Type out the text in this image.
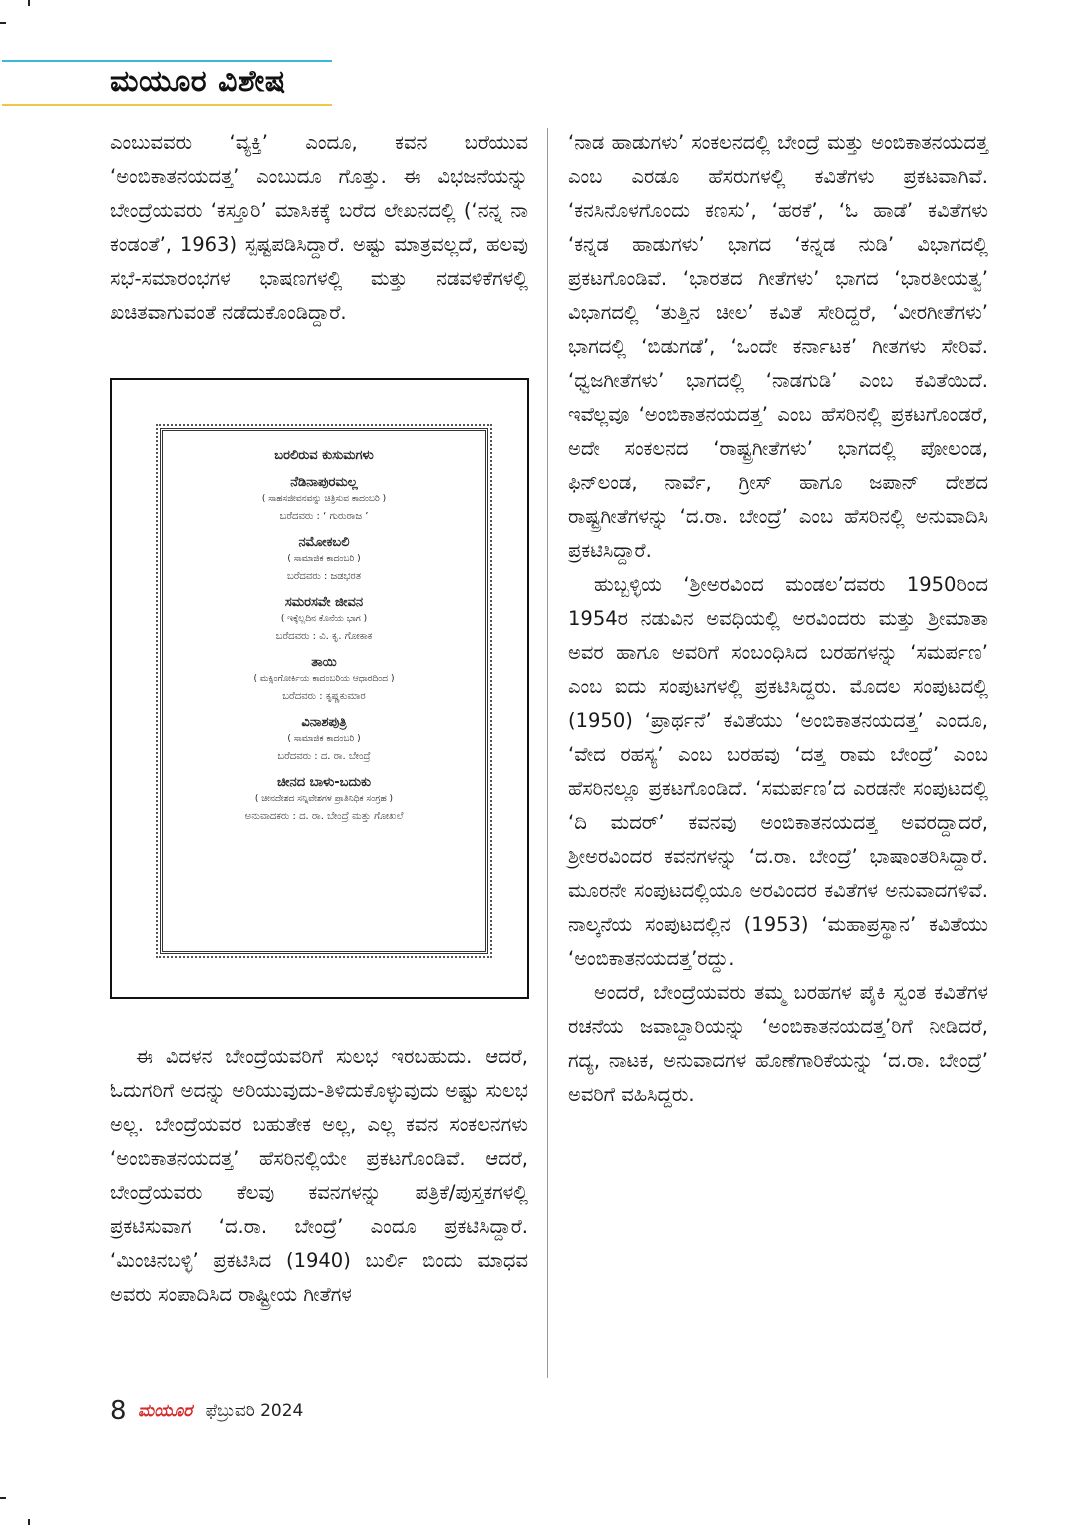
ಮಯೂರ ವಿಶೇಷ

ಎಂಬುವವರು ‘ವ್ಯಕ್ತಿ’ ಎಂದೂ, ಕವನ ಬರೆಯುವ ‘ಅಂಬಿಕಾತನಯದತ್ತ’ ಎಂಬುದೂ ಗೊತ್ತು. ಈ ವಿಭಜನೆಯನ್ನು ಬೇಂದ್ರೆಯವರು ‘ಕಸ್ತೂರಿ’ ಮಾಸಿಕಕ್ಕೆ ಬರೆದ ಲೇಖನದಲ್ಲಿ (‘ನನ್ನ ನಾ ಕಂಡಂತೆ’, 1963) ಸ್ಪಷ್ಟಪಡಿಸಿದ್ದಾರೆ. ಅಷ್ಟು ಮಾತ್ರವಲ್ಲದೆ, ಹಲವು ಸಭೆ-ಸಮಾರಂಭಗಳ ಭಾಷಣಗಳಲ್ಲಿ ಮತ್ತು ನಡವಳಿಕೆಗಳಲ್ಲಿ ಖಚಿತವಾಗುವಂತೆ ನಡೆದುಕೊಂಡಿದ್ದಾರೆ.

ಬರಲಿರುವ ಕುಸುಮಗಳು
ನೆಡಿನಾಪುರಮಲ್ಲ
( ಸಾಹಸಜೀವನವನ್ನು ಚಿತ್ರಿಸುವ ಕಾದಂಬರಿ )
ಬರೆದವರು : ‘ ಗುರುರಾಜ ’
ನಮೋಕಬಲಿ
( ಸಾಮಾಜಿಕ ಕಾದಂಬರಿ )
ಬರೆದವರು : ಜಡಭರತ
ಸಮರಸವೇ ಜೀವನ
( ಇಕ್ಕೆಲ್ಲದಿನ ಕೊನೆಯ ಭಾಗ )
ಬರೆದವರು : ವಿ. ಕೃ. ಗೋಕಾಕ
ತಾಯಿ
( ಮಕ್ಸಿಂಗೋರ್ಕಿಯ ಕಾದಂಬರಿಯ ಆಧಾರದಿಂದ )
ಬರೆದವರು : ಕೃಷ್ಣಕುಮಾರ
ವಿನಾಶಪುತ್ರಿ
( ಸಾಮಾಜಿಕ ಕಾದಂಬರಿ )
ಬರೆದವರು : ದ. ರಾ. ಬೇಂದ್ರೆ
ಚೀನದ ಬಾಳು-ಬದುಕು
( ಚೀನದೇಶದ ಸನ್ನಿವೇಶಗಳ ಪ್ರಾತಿನಿಧಿಕ ಸಂಗ್ರಹ )
ಅನುವಾದಕರು : ದ. ರಾ. ಬೇಂದ್ರೆ ಮತ್ತು ಗೋಖಲೆ

ಈ ವಿದಳನ ಬೇಂದ್ರೆಯವರಿಗೆ ಸುಲಭ ಇರಬಹುದು. ಆದರೆ, ಓದುಗರಿಗೆ ಅದನ್ನು ಅರಿಯುವುದು-ತಿಳಿದುಕೊಳ್ಳುವುದು ಅಷ್ಟು ಸುಲಭ ಅಲ್ಲ. ಬೇಂದ್ರೆಯವರ ಬಹುತೇಕ ಅಲ್ಲ, ಎಲ್ಲ ಕವನ ಸಂಕಲನಗಳು ‘ಅಂಬಿಕಾತನಯದತ್ತ’ ಹೆಸರಿನಲ್ಲಿಯೇ ಪ್ರಕಟಗೊಂಡಿವೆ. ಆದರೆ, ಬೇಂದ್ರೆಯವರು ಕೆಲವು ಕವನಗಳನ್ನು ಪತ್ರಿಕೆ/ಪುಸ್ತಕಗಳಲ್ಲಿ ಪ್ರಕಟಿಸುವಾಗ ‘ದ.ರಾ. ಬೇಂದ್ರೆ’ ಎಂದೂ ಪ್ರಕಟಿಸಿದ್ದಾರೆ. ‘ಮಿಂಚಿನಬಳ್ಳಿ’ ಪ್ರಕಟಿಸಿದ (1940) ಬುರ್ಲಿ ಬಿಂದು ಮಾಧವ ಅವರು ಸಂಪಾದಿಸಿದ ರಾಷ್ಟ್ರೀಯ ಗೀತೆಗಳ

‘ನಾಡ ಹಾಡುಗಳು’ ಸಂಕಲನದಲ್ಲಿ ಬೇಂದ್ರೆ ಮತ್ತು ಅಂಬಿಕಾತನಯದತ್ತ ಎಂಬ ಎರಡೂ ಹೆಸರುಗಳಲ್ಲಿ ಕವಿತೆಗಳು ಪ್ರಕಟವಾಗಿವೆ. ‘ಕನಸಿನೊಳಗೊಂದು ಕಣಸು’, ‘ಹರಕೆ’, ‘ಓ ಹಾಡೆ’ ಕವಿತೆಗಳು ‘ಕನ್ನಡ ಹಾಡುಗಳು’ ಭಾಗದ ‘ಕನ್ನಡ ನುಡಿ’ ವಿಭಾಗದಲ್ಲಿ ಪ್ರಕಟಗೊಂಡಿವೆ. ‘ಭಾರತದ ಗೀತೆಗಳು’ ಭಾಗದ ‘ಭಾರತೀಯತ್ವ’ ವಿಭಾಗದಲ್ಲಿ ‘ತುತ್ತಿನ ಚೀಲ’ ಕವಿತೆ ಸೇರಿದ್ದರೆ, ‘ವೀರಗೀತೆಗಳು’ ಭಾಗದಲ್ಲಿ ‘ಬಿಡುಗಡೆ’, ‘ಒಂದೇ ಕರ್ನಾಟಕ’ ಗೀತಗಳು ಸೇರಿವೆ. ‘ಧ್ವಜಗೀತೆಗಳು’ ಭಾಗದಲ್ಲಿ ‘ನಾಡಗುಡಿ’ ಎಂಬ ಕವಿತೆಯಿದೆ. ಇವೆಲ್ಲವೂ ‘ಅಂಬಿಕಾತನಯದತ್ತ’ ಎಂಬ ಹೆಸರಿನಲ್ಲಿ ಪ್ರಕಟಗೊಂಡರೆ, ಅದೇ ಸಂಕಲನದ ‘ರಾಷ್ಟ್ರಗೀತೆಗಳು’ ಭಾಗದಲ್ಲಿ ಪೋಲಂಡ, ಫಿನ್‌ಲಂಡ, ನಾರ್ವೆ, ಗ್ರೀಸ್ ಹಾಗೂ ಜಪಾನ್ ದೇಶದ ರಾಷ್ಟ್ರಗೀತೆಗಳನ್ನು ‘ದ.ರಾ. ಬೇಂದ್ರೆ’ ಎಂಬ ಹೆಸರಿನಲ್ಲಿ ಅನುವಾದಿಸಿ ಪ್ರಕಟಿಸಿದ್ದಾರೆ.

ಹುಬ್ಬಳ್ಳಿಯ ‘ಶ್ರೀಅರವಿಂದ ಮಂಡಲ’ದವರು 1950ರಿಂದ 1954ರ ನಡುವಿನ ಅವಧಿಯಲ್ಲಿ ಅರವಿಂದರು ಮತ್ತು ಶ್ರೀಮಾತಾ ಅವರ ಹಾಗೂ ಅವರಿಗೆ ಸಂಬಂಧಿಸಿದ ಬರಹಗಳನ್ನು ‘ಸಮರ್ಪಣ’ ಎಂಬ ಐದು ಸಂಪುಟಗಳಲ್ಲಿ ಪ್ರಕಟಿಸಿದ್ದರು. ಮೊದಲ ಸಂಪುಟದಲ್ಲಿ (1950) ‘ಪ್ರಾರ್ಥನೆ’ ಕವಿತೆಯು ‘ಅಂಬಿಕಾತನಯದತ್ತ’ ಎಂದೂ, ‘ವೇದ ರಹಸ್ಯ’ ಎಂಬ ಬರಹವು ‘ದತ್ತ ರಾಮ ಬೇಂದ್ರೆ’ ಎಂಬ ಹೆಸರಿನಲ್ಲೂ ಪ್ರಕಟಗೊಂಡಿದೆ. ‘ಸಮರ್ಪಣ’ದ ಎರಡನೇ ಸಂಪುಟದಲ್ಲಿ ‘ದಿ ಮದರ್’ ಕವನವು ಅಂಬಿಕಾತನಯದತ್ತ ಅವರದ್ದಾದರೆ, ಶ್ರೀಅರವಿಂದರ ಕವನಗಳನ್ನು ‘ದ.ರಾ. ಬೇಂದ್ರೆ’ ಭಾಷಾಂತರಿಸಿದ್ದಾರೆ. ಮೂರನೇ ಸಂಪುಟದಲ್ಲಿಯೂ ಅರವಿಂದರ ಕವಿತೆಗಳ ಅನುವಾದಗಳಿವೆ. ನಾಲ್ಕನೆಯ ಸಂಪುಟದಲ್ಲಿನ (1953) ‘ಮಹಾಪ್ರಸ್ಥಾನ’ ಕವಿತೆಯು ‘ಅಂಬಿಕಾತನಯದತ್ತ’ರದ್ದು.

ಅಂದರೆ, ಬೇಂದ್ರೆಯವರು ತಮ್ಮ ಬರಹಗಳ ಪೈಕಿ ಸ್ವಂತ ಕವಿತೆಗಳ ರಚನೆಯ ಜವಾಬ್ದಾರಿಯನ್ನು ‘ಅಂಬಿಕಾತನಯದತ್ತ’ರಿಗೆ ನೀಡಿದರೆ, ಗದ್ಯ, ನಾಟಕ, ಅನುವಾದಗಳ ಹೊಣೆಗಾರಿಕೆಯನ್ನು ‘ದ.ರಾ. ಬೇಂದ್ರೆ’ ಅವರಿಗೆ ವಹಿಸಿದ್ದರು.

8 ಮಯೂರ ಫೆಬ್ರುವರಿ 2024
